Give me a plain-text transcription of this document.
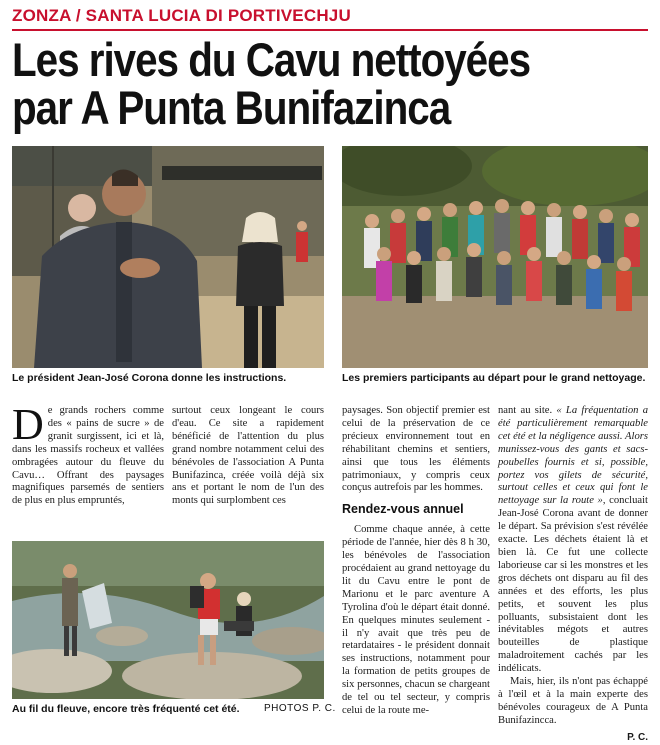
ZONZA / SANTA LUCIA DI PORTIVECHJU
Les rives du Cavu nettoyées
par A Punta Bunifazinca
Le président Jean-José Corona donne les instructions.	Les premiers participants au départ pour le grand nettoyage.

De grands rochers comme des « pains de sucre » de granit surgissent, ici et là, dans les massifs rocheux et vallées ombragées autour du fleuve du Cavu… Offrant des paysages magnifiques parsemés de sentiers de plus en plus empruntés,

surtout ceux longeant le cours d'eau. Ce site a rapidement bénéficié de l'attention du plus grand nombre notamment celui des bénévoles de l'association A Punta Bunifazinca, créée voilà déjà six ans et portant le nom de l'un des monts qui surplombent ces

paysages. Son objectif premier est celui de la préservation de ce précieux environnement tout en réhabilitant chemins et sentiers, ainsi que tous les éléments patrimoniaux, y compris ceux conçus autrefois par les hommes.

Rendez-vous annuel

Comme chaque année, à cette période de l'année, hier dès 8 h 30, les bénévoles de l'association procédaient au grand nettoyage du lit du Cavu entre le pont de Marionu et le parc aventure A Tyrolina d'où le départ était donné. En quelques minutes seulement - il n'y avait que très peu de retardataires - le président donnait ses instructions, notamment pour la formation de petits groupes de six personnes, chacun se chargeant de tel ou tel secteur, y compris celui de la route me-

nant au site. « La fréquentation a été particulièrement remarquable cet été et la négligence aussi. Alors munissez-vous des gants et sacs-poubelles fournis et si, possible, portez vos gilets de sécurité, surtout celles et ceux qui font le nettoyage sur la route », concluait Jean-José Corona avant de donner le départ. Sa prévision s'est révélée exacte. Les déchets étaient là et bien là. Ce fut une collecte laborieuse car si les monstres et les gros déchets ont disparu au fil des années et des efforts, les plus petits, et souvent les plus polluants, subsistaient dont les inévitables mégots et autres bouteilles de plastique maladroitement cachés par les indélicats.

Mais, hier, ils n'ont pas échappé à l'œil et à la main experte des bénévoles courageux de A Punta Bunifazincca.

P. C.
Au fil du fleuve, encore très fréquenté cet été. PHOTOS P. C.
